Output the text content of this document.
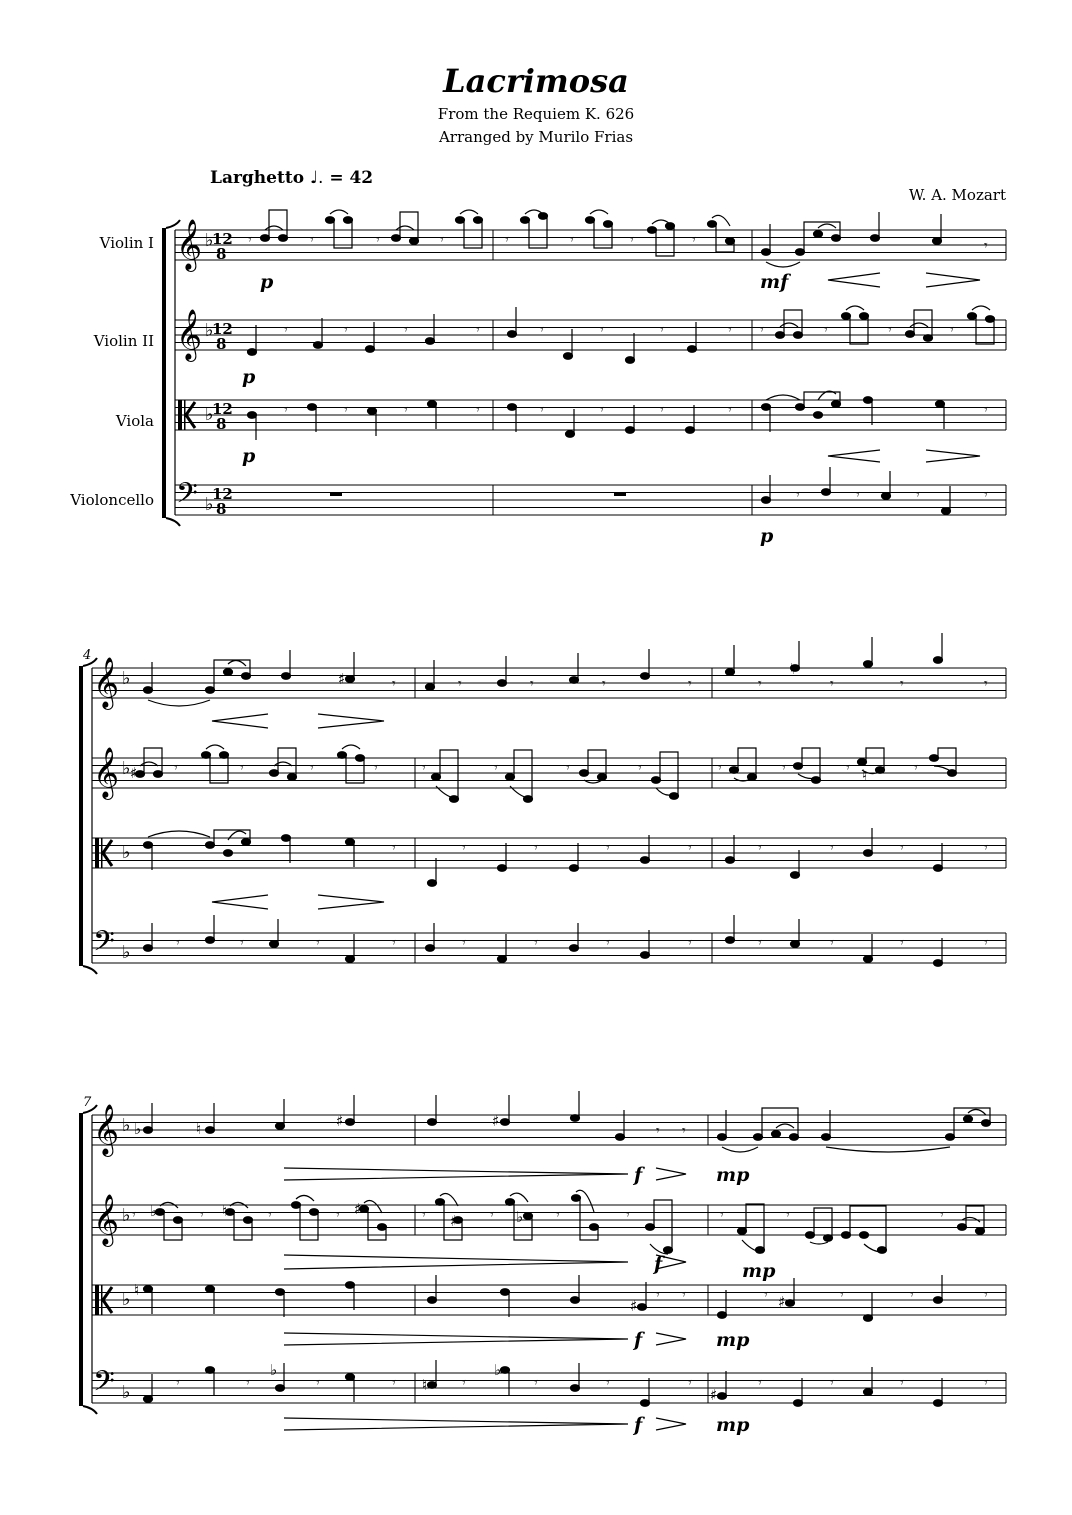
Lacrimosa
From the Requiem K. 626
Arranged by Murilo Frias
Larghetto ♩. = 42
W. A. Mozart
Violin I
Violin II
Viola
Violoncello
𝄞
𝄞
𝄢
♭
♭
♭
♭
12
8
12
8
12
8
12
8
𝄾	𝄾	𝄾	𝄾	𝄾	𝄾	𝄾	𝄾	𝄾
𝄾	𝄾	𝄾	𝄾	𝄾	𝄾	𝄾	𝄾 𝄾	𝄾	𝄾	𝄾
𝄾	𝄾	𝄾	𝄾	𝄾	𝄾	𝄾	𝄾	𝄾
𝄾	𝄾	𝄾	𝄾
p
p
p
mf
p
4
𝄞
𝄞
𝄢
♭
♭
♭
♭
𝄾	𝄾	𝄾	𝄾	𝄾	𝄾	𝄾	𝄾	𝄾
𝄾	𝄾	𝄾	𝄾	𝄾	𝄾	𝄾	𝄾	𝄾	𝄾	𝄾	𝄾
𝄾	𝄾	𝄾	𝄾	𝄾	𝄾	𝄾	𝄾	𝄾
𝄾	𝄾	𝄾	𝄾	𝄾	𝄾	𝄾	𝄾	𝄾	𝄾	𝄾	𝄾
♯
♯
♮
♮
7
𝄞
𝄞
𝄢
♭
♭
♭
♭
𝄾 𝄾
𝄾	𝄾	𝄾	𝄾	𝄾	𝄾	𝄾	𝄾	𝄾	𝄾	𝄾
𝄾 𝄾	𝄾	𝄾	𝄾	𝄾
𝄾	𝄾	𝄾	𝄾	𝄾	𝄾	𝄾	𝄾	𝄾	𝄾	𝄾	𝄾
♭	♮	♯	♯
♭	♮	♯
♯	♭
♮
♯	♯
♭
♮
♭
♯
f
f
f
f
mp
mp
mp
mp
